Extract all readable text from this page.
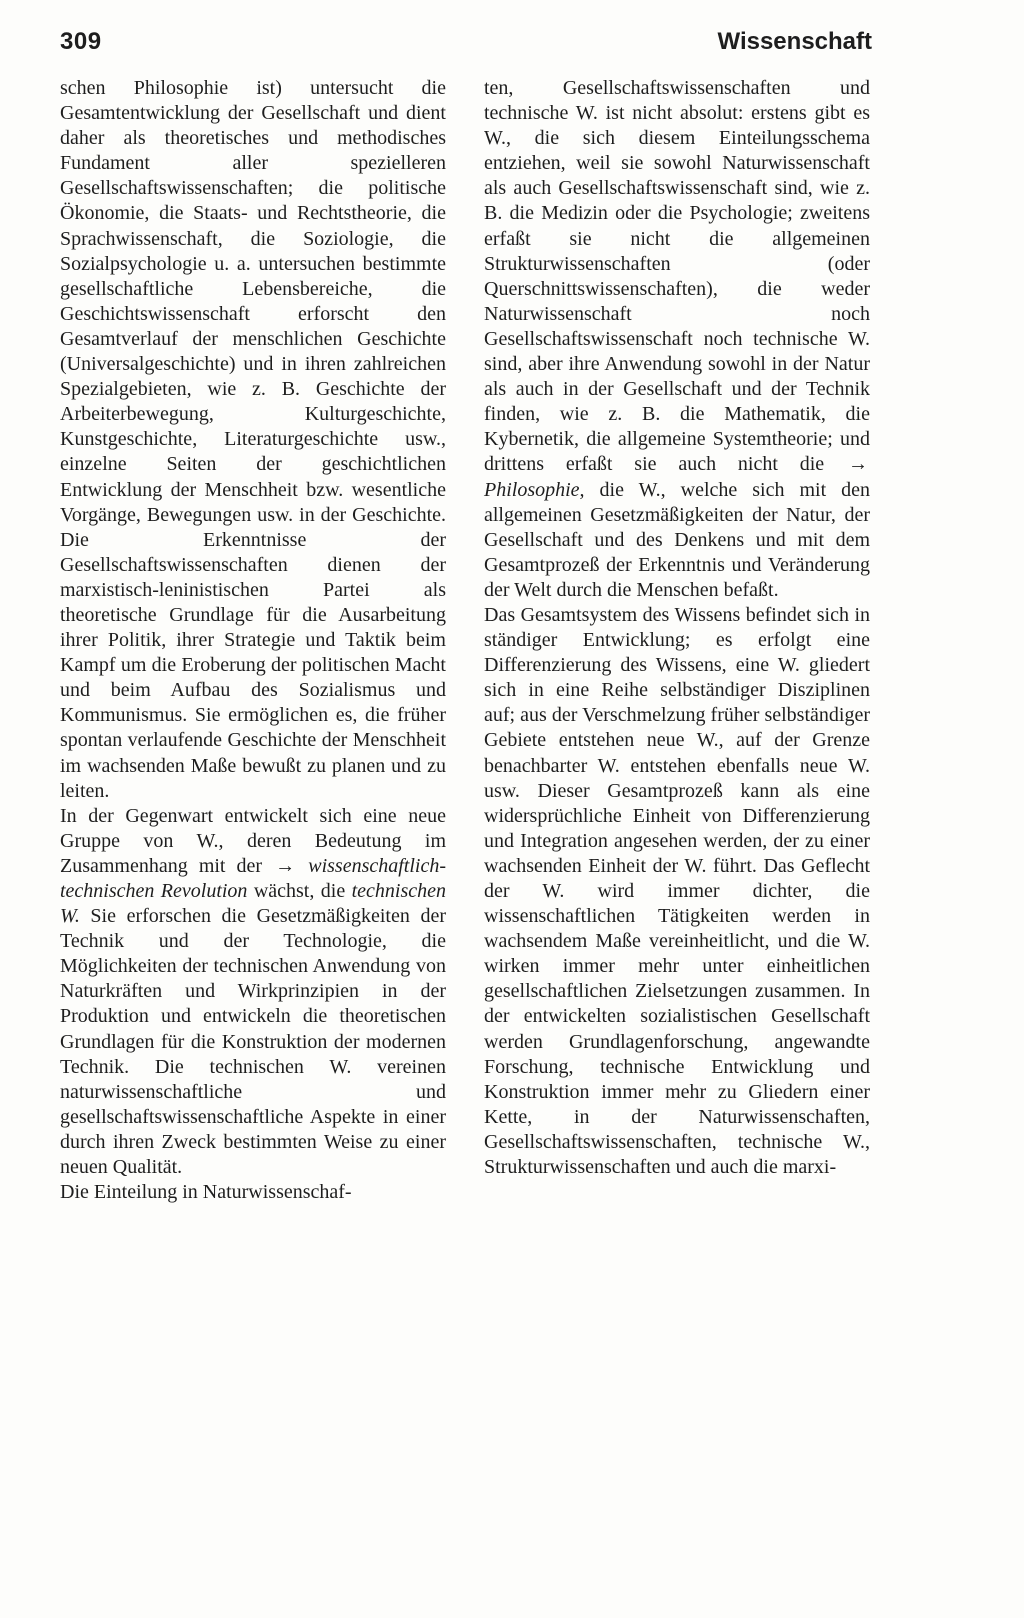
309	Wissenschaft

schen Philosophie ist) untersucht die Gesamtentwicklung der Gesellschaft und dient daher als theoretisches und methodisches Fundament aller spezielleren Gesellschaftswissenschaften; die politische Ökonomie, die Staats- und Rechtstheorie, die Sprachwissenschaft, die Soziologie, die Sozialpsychologie u. a. untersuchen bestimmte gesellschaftliche Lebensbereiche, die Geschichtswissenschaft erforscht den Gesamtverlauf der menschlichen Geschichte (Universalgeschichte) und in ihren zahlreichen Spezialgebieten, wie z. B. Geschichte der Arbeiterbewegung, Kulturgeschichte, Kunstgeschichte, Literaturgeschichte usw., einzelne Seiten der geschichtlichen Entwicklung der Menschheit bzw. wesentliche Vorgänge, Bewegungen usw. in der Geschichte. Die Erkenntnisse der Gesellschaftswissenschaften dienen der marxistisch-leninistischen Partei als theoretische Grundlage für die Ausarbeitung ihrer Politik, ihrer Strategie und Taktik beim Kampf um die Eroberung der politischen Macht und beim Aufbau des Sozialismus und Kommunismus. Sie ermöglichen es, die früher spontan verlaufende Geschichte der Menschheit im wachsenden Maße bewußt zu planen und zu leiten.

In der Gegenwart entwickelt sich eine neue Gruppe von W., deren Bedeutung im Zusammenhang mit der → wissenschaftlich-technischen Revolution wächst, die technischen W. Sie erforschen die Gesetzmäßigkeiten der Technik und der Technologie, die Möglichkeiten der technischen Anwendung von Naturkräften und Wirkprinzipien in der Produktion und entwickeln die theoretischen Grundlagen für die Konstruktion der modernen Technik. Die technischen W. vereinen naturwissenschaftliche und gesellschaftswissenschaftliche Aspekte in einer durch ihren Zweck bestimmten Weise zu einer neuen Qualität.

Die Einteilung in Naturwissenschaf-

ten, Gesellschaftswissenschaften und technische W. ist nicht absolut: erstens gibt es W., die sich diesem Einteilungsschema entziehen, weil sie sowohl Naturwissenschaft als auch Gesellschaftswissenschaft sind, wie z. B. die Medizin oder die Psychologie; zweitens erfaßt sie nicht die allgemeinen Strukturwissenschaften (oder Querschnittswissenschaften), die weder Naturwissenschaft noch Gesellschaftswissenschaft noch technische W. sind, aber ihre Anwendung sowohl in der Natur als auch in der Gesellschaft und der Technik finden, wie z. B. die Mathematik, die Kybernetik, die allgemeine Systemtheorie; und drittens erfaßt sie auch nicht die → Philosophie, die W., welche sich mit den allgemeinen Gesetzmäßigkeiten der Natur, der Gesellschaft und des Denkens und mit dem Gesamtprozeß der Erkenntnis und Veränderung der Welt durch die Menschen befaßt.

Das Gesamtsystem des Wissens befindet sich in ständiger Entwicklung; es erfolgt eine Differenzierung des Wissens, eine W. gliedert sich in eine Reihe selbständiger Disziplinen auf; aus der Verschmelzung früher selbständiger Gebiete entstehen neue W., auf der Grenze benachbarter W. entstehen ebenfalls neue W. usw. Dieser Gesamtprozeß kann als eine widersprüchliche Einheit von Differenzierung und Integration angesehen werden, der zu einer wachsenden Einheit der W. führt. Das Geflecht der W. wird immer dichter, die wissenschaftlichen Tätigkeiten werden in wachsendem Maße vereinheitlicht, und die W. wirken immer mehr unter einheitlichen gesellschaftlichen Zielsetzungen zusammen. In der entwickelten sozialistischen Gesellschaft werden Grundlagenforschung, angewandte Forschung, technische Entwicklung und Konstruktion immer mehr zu Gliedern einer Kette, in der Naturwissenschaften, Gesellschaftswissenschaften, technische W., Strukturwissenschaften und auch die marxi-
